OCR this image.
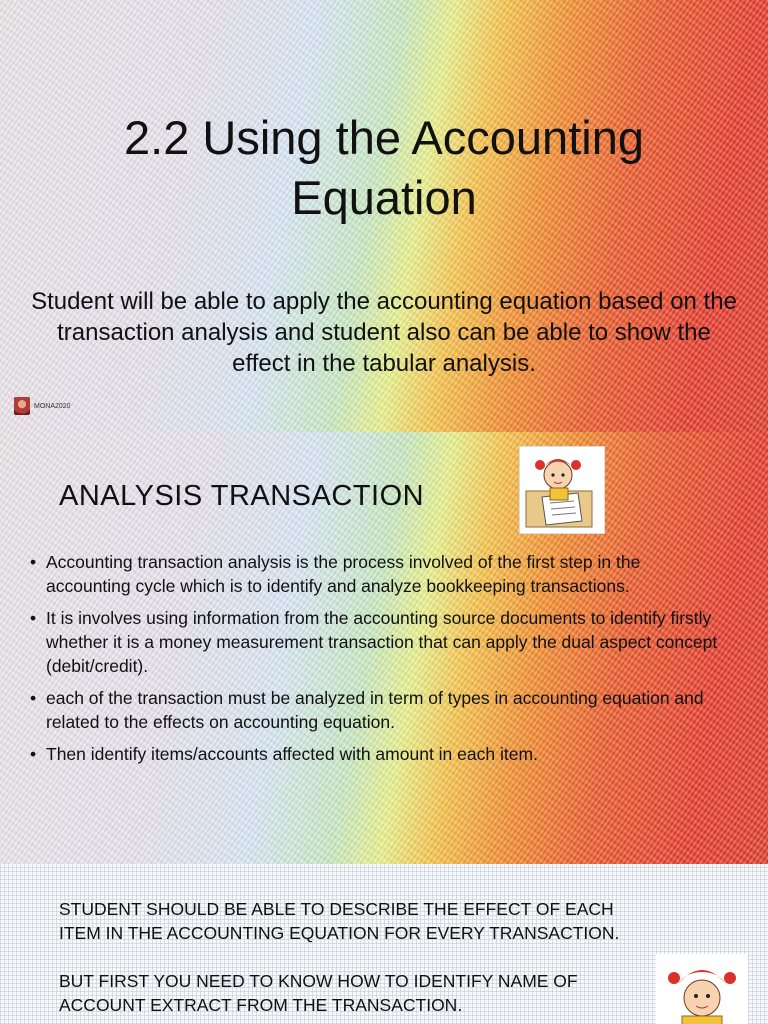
2.2 Using the Accounting
Equation
Student will be able to apply the accounting equation based on the transaction analysis and student also can be able to show the effect in the tabular analysis.
MONA2020
ANALYSIS TRANSACTION
• Accounting transaction analysis is the process involved of the first step in the accounting cycle which is to identify and analyze bookkeeping transactions.
• It is involves using information from the accounting source documents to identify firstly whether it is a money measurement transaction that can apply the dual aspect concept (debit/credit).
• each of the transaction must be analyzed in term of types in accounting equation and related to the effects on accounting equation.
• Then identify items/accounts affected with amount in each item.

STUDENT SHOULD BE ABLE TO DESCRIBE THE EFFECT OF EACH ITEM IN THE ACCOUNTING EQUATION FOR EVERY TRANSACTION.

BUT FIRST YOU NEED TO KNOW HOW TO IDENTIFY NAME OF ACCOUNT EXTRACT FROM THE TRANSACTION.
